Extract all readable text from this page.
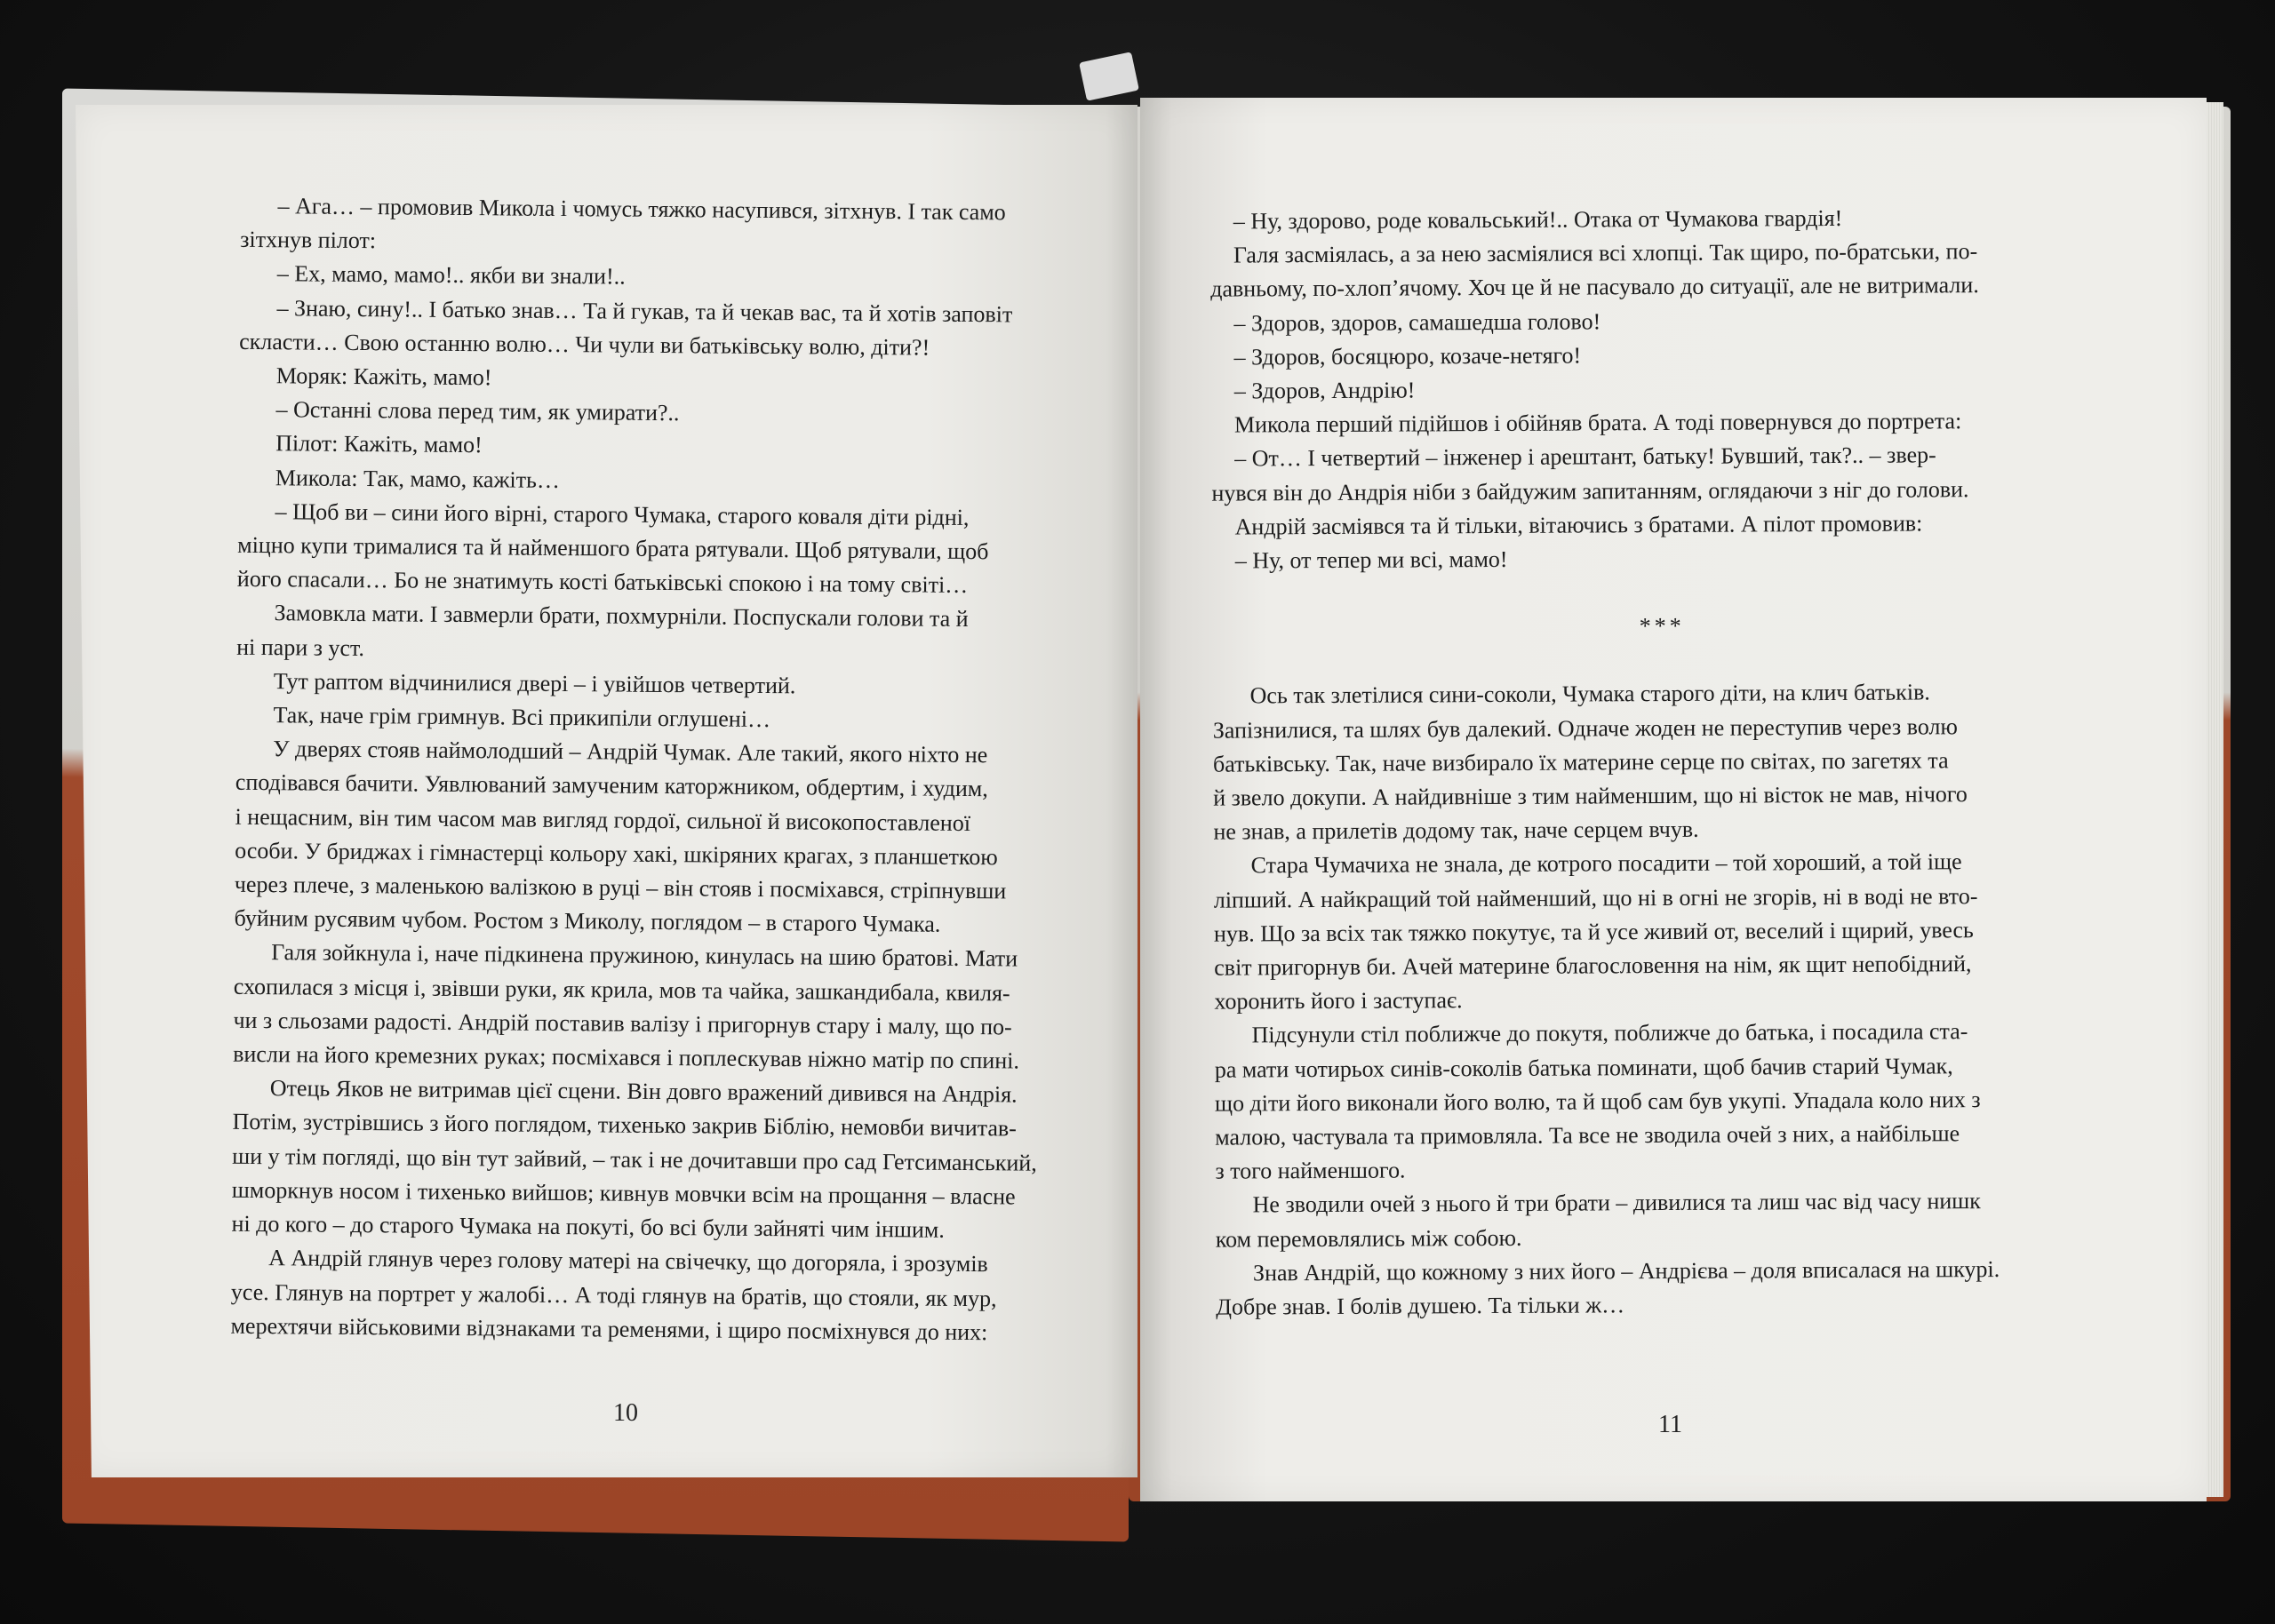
– Ага… – промовив Микола і чомусь тяжко насупився, зітхнув. І так само
зітхнув пілот:
– Ех, мамо, мамо!.. якби ви знали!..
– Знаю, сину!.. І батько знав… Та й гукав, та й чекав вас, та й хотів заповіт
скласти… Свою останню волю… Чи чули ви батьківську волю, діти?!
Моряк: Кажіть, мамо!
– Останні слова перед тим, як умирати?..
Пілот: Кажіть, мамо!
Микола: Так, мамо, кажіть…
– Щоб ви – сини його вірні, старого Чумака, старого коваля діти рідні,
міцно купи трималися та й найменшого брата рятували. Щоб рятували, щоб
його спасали… Бо не знатимуть кості батьківські спокою і на тому світі…
Замовкла мати. І завмерли брати, похмурніли. Поспускали голови та й
ні пари з уст.
Тут раптом відчинилися двері – і увійшов четвертий.
Так, наче грім гримнув. Всі прикипіли оглушені…
У дверях стояв наймолодший – Андрій Чумак. Але такий, якого ніхто не
сподівався бачити. Уявлюваний замученим каторжником, обдертим, і худим,
і нещасним, він тим часом мав вигляд гордої, сильної й високопоставленої
особи. У бриджах і гімнастерці кольору хакі, шкіряних крагах, з планшеткою
через плече, з маленькою валізкою в руці – він стояв і посміхався, стріпнувши
буйним русявим чубом. Ростом з Миколу, поглядом – в старого Чумака.
Галя зойкнула і, наче підкинена пружиною, кинулась на шию братові. Мати
схопилася з місця і, звівши руки, як крила, мов та чайка, зашкандибала, квиля-
чи з сльозами радості. Андрій поставив валізу і пригорнув стару і малу, що по-
висли на його кремезних руках; посміхався і поплескував ніжно матір по спині.
Отець Яков не витримав цієї сцени. Він довго вражений дивився на Андрія.
Потім, зустрівшись з його поглядом, тихенько закрив Біблію, немовби вичитав-
ши у тім погляді, що він тут зайвий, – так і не дочитавши про сад Гетсиманський,
шморкнув носом і тихенько вийшов; кивнув мовчки всім на прощання – власне
ні до кого – до старого Чумака на покуті, бо всі були зайняті чим іншим.
А Андрій глянув через голову матері на свічечку, що догоряла, і зрозумів
усе. Глянув на портрет у жалобі… А тоді глянув на братів, що стояли, як мур,
мерехтячи військовими відзнаками та ременями, і щиро посміхнувся до них:
10
– Ну, здорово, роде ковальський!.. Отака от Чумакова гвардія!
Галя засміялась, а за нею засміялися всі хлопці. Так щиро, по-братськи, по-
давньому, по-хлоп’ячому. Хоч це й не пасувало до ситуації, але не витримали.
– Здоров, здоров, самашедша голово!
– Здоров, босяцюро, козаче-нетяго!
– Здоров, Андрію!
Микола перший підійшов і обійняв брата. А тоді повернувся до портрета:
– От… І четвертий – інженер і арештант, батьку! Бувший, так?.. – звер-
нувся він до Андрія ніби з байдужим запитанням, оглядаючи з ніг до голови.
Андрій засміявся та й тільки, вітаючись з братами. А пілот промовив:
– Ну, от тепер ми всі, мамо!
***
Ось так злетілися сини-соколи, Чумака старого діти, на клич батьків.
Запізнилися, та шлях був далекий. Одначе жоден не переступив через волю
батьківську. Так, наче визбирало їх материне серце по світах, по загетях та
й звело докупи. А найдивніше з тим найменшим, що ні вісток не мав, нічого
не знав, а прилетів додому так, наче серцем вчув.
Стара Чумачиха не знала, де котрого посадити – той хороший, а той іще
ліпший. А найкращий той найменший, що ні в огні не згорів, ні в воді не вто-
нув. Що за всіх так тяжко покутує, та й усе живий от, веселий і щирий, увесь
світ пригорнув би. Ачей материне благословення на нім, як щит непобідний,
хоронить його і заступає.
Підсунули стіл поближче до покутя, поближче до батька, і посадила ста-
ра мати чотирьох синів-соколів батька поминати, щоб бачив старий Чумак,
що діти його виконали його волю, та й щоб сам був укупі. Упадала коло них з
малою, частувала та примовляла. Та все не зводила очей з них, а найбільше
з того найменшого.
Не зводили очей з нього й три брати – дивилися та лиш час від часу нишк
ком перемовлялись між собою.
Знав Андрій, що кожному з них його – Андрієва – доля вписалася на шкурі.
Добре знав. І болів душею. Та тільки ж…
11
